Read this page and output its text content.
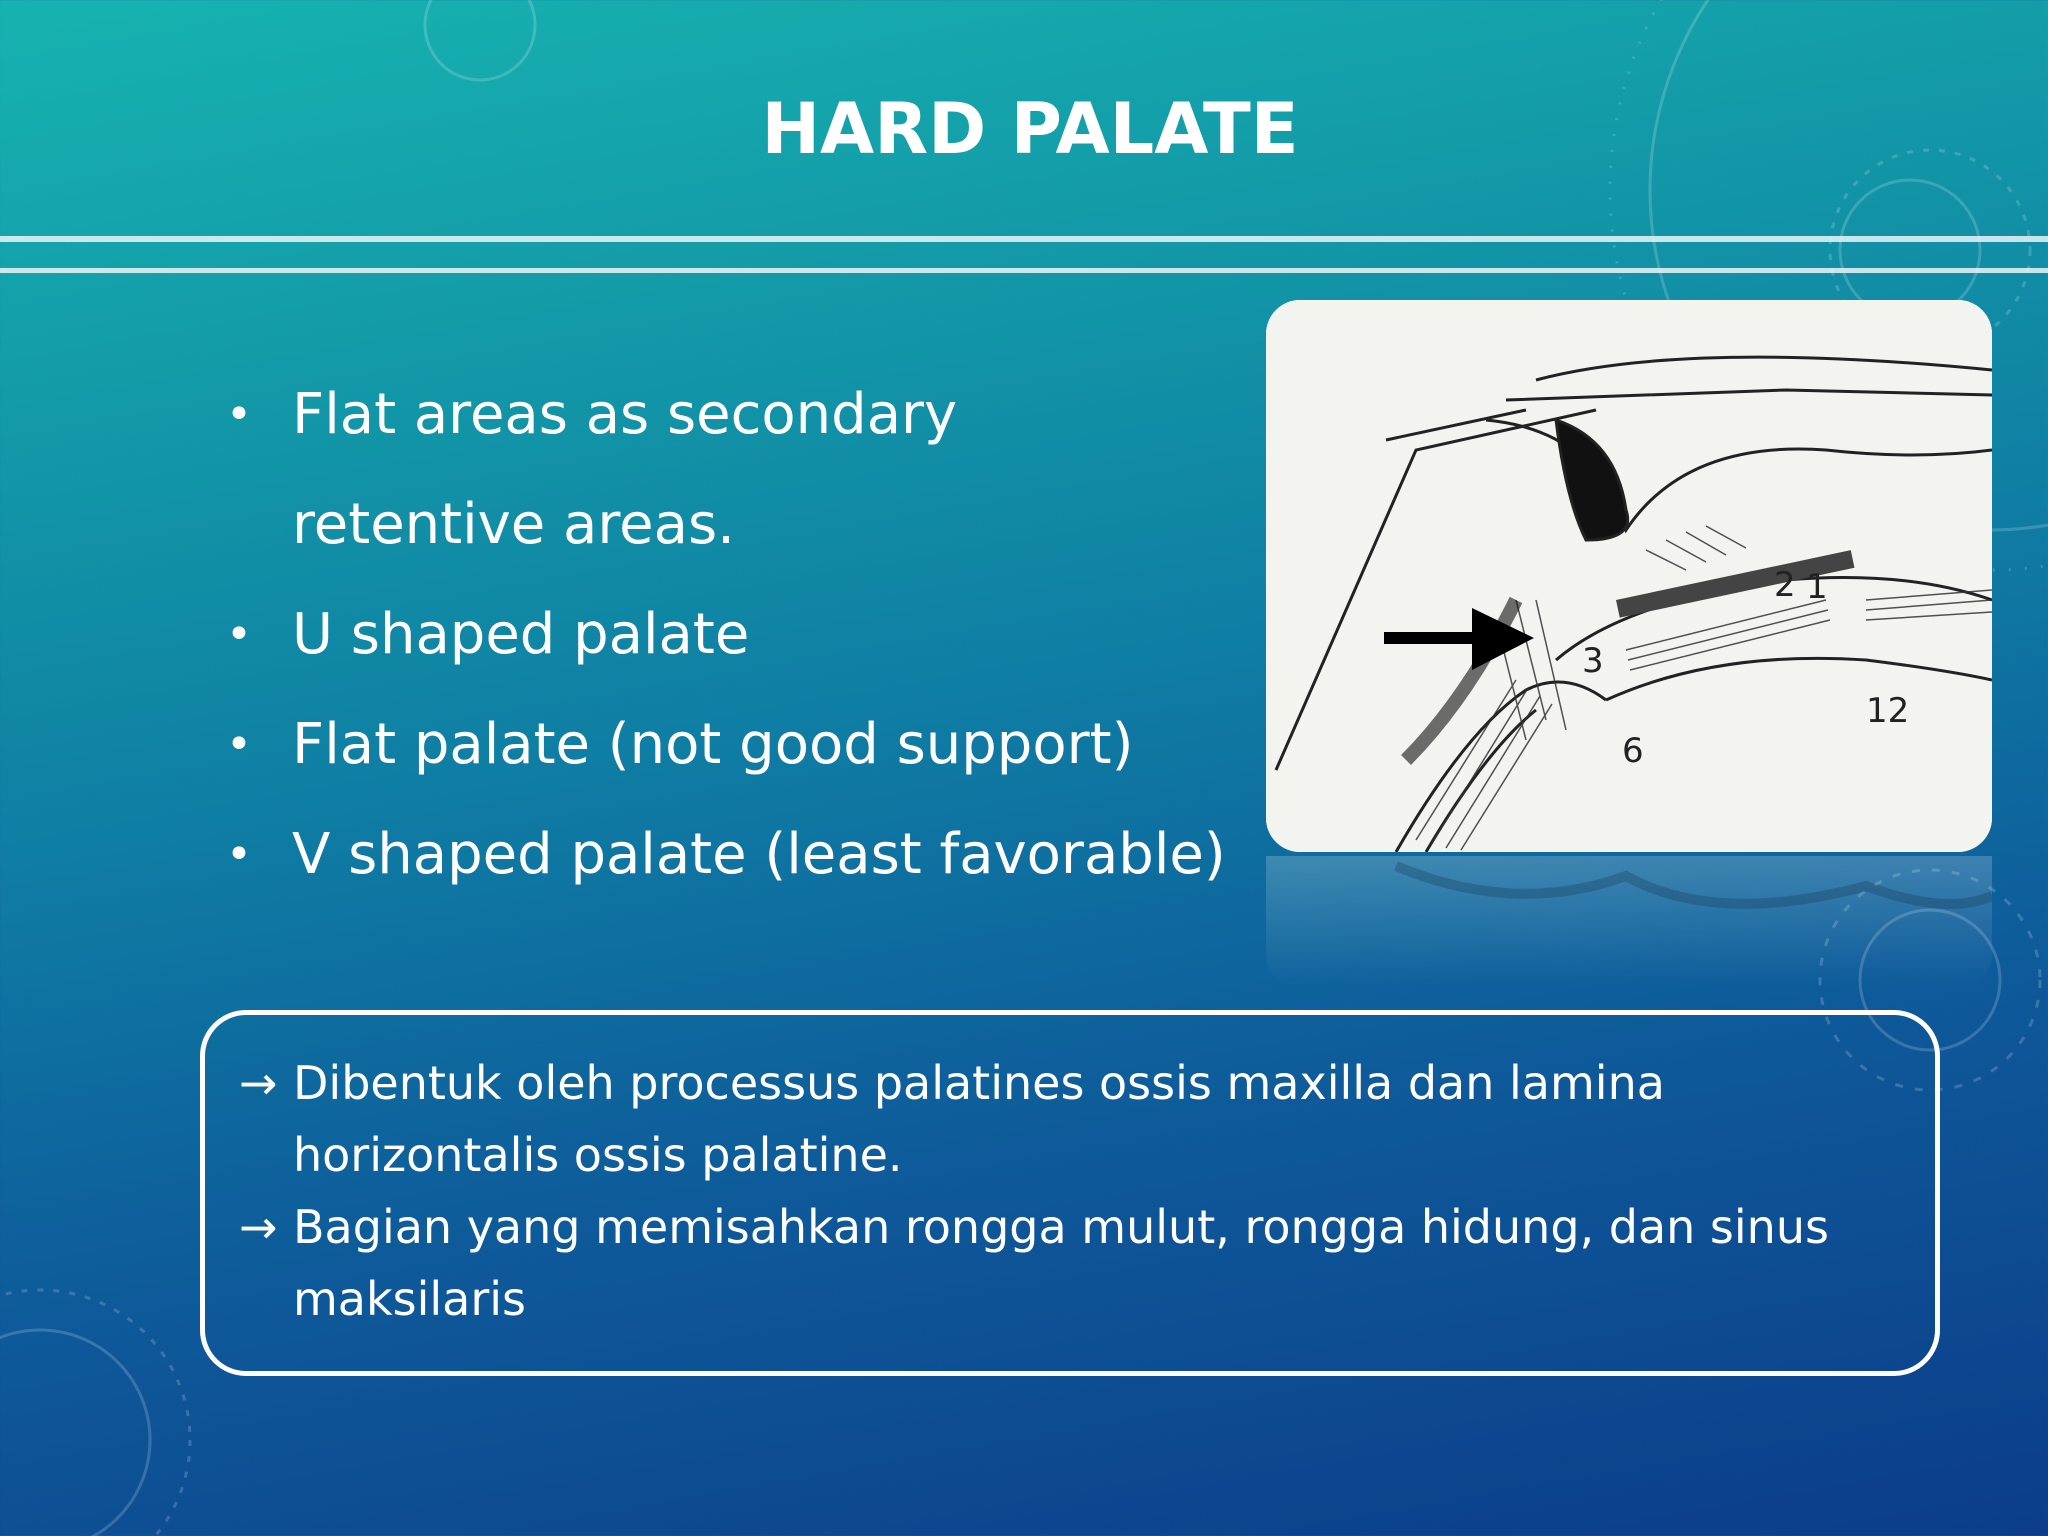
HARD PALATE
• Flat areas as secondary
retentive areas.
• U shaped palate
• Flat palate (not good support)
• V shaped palate (least favorable)
1
2
3
6
12
→ Dibentuk oleh processus palatines ossis maxilla dan lamina
horizontalis ossis palatine.
→ Bagian yang memisahkan rongga mulut, rongga hidung, dan sinus
maksilaris
